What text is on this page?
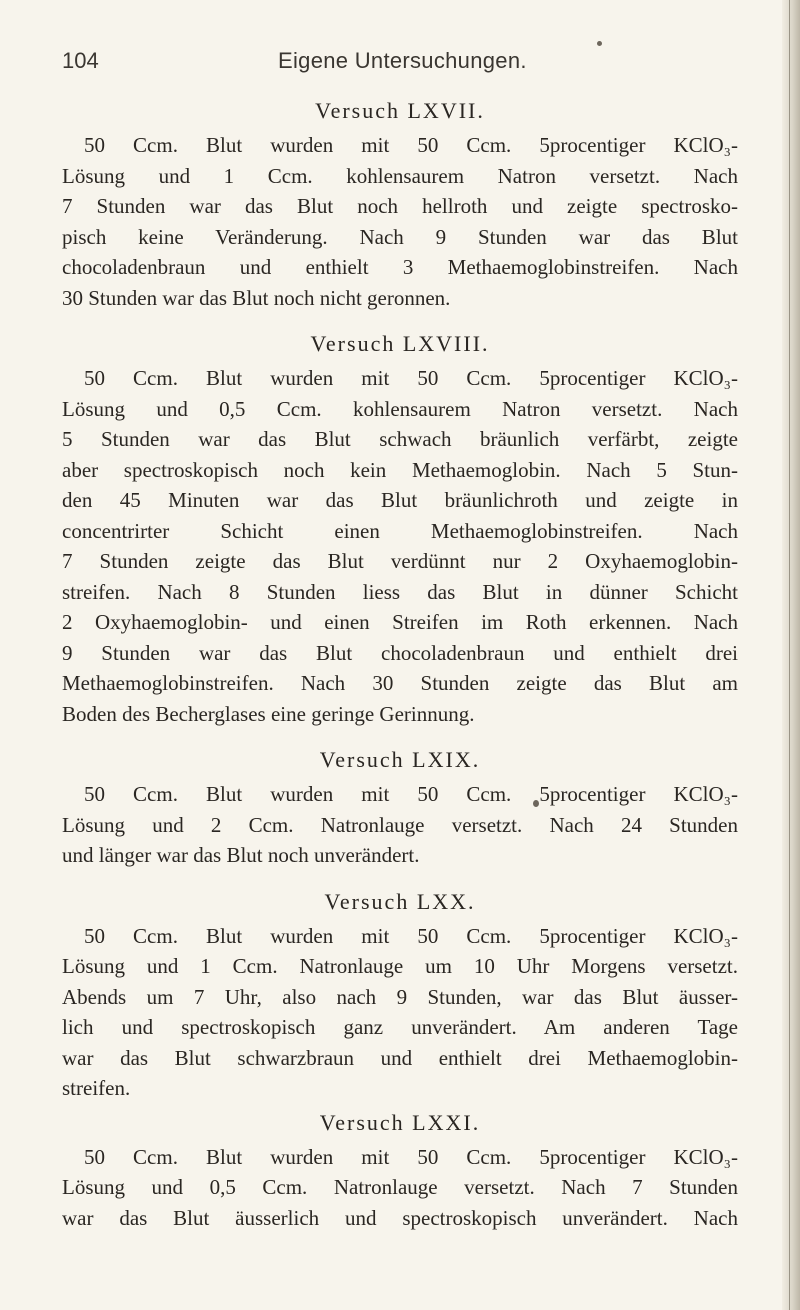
104	Eigene Untersuchungen.
Versuch LXVII.
50 Ccm. Blut wurden mit 50 Ccm. 5procentiger KClO₃-
Lösung und 1 Ccm. kohlensaurem Natron versetzt. Nach
7 Stunden war das Blut noch hellroth und zeigte spectrosko-
pisch keine Veränderung. Nach 9 Stunden war das Blut
chocoladenbraun und enthielt 3 Methaemoglobinstreifen. Nach
30 Stunden war das Blut noch nicht geronnen.
Versuch LXVIII.
50 Ccm. Blut wurden mit 50 Ccm. 5procentiger KClO₃-
Lösung und 0,5 Ccm. kohlensaurem Natron versetzt. Nach
5 Stunden war das Blut schwach bräunlich verfärbt, zeigte
aber spectroskopisch noch kein Methaemoglobin. Nach 5 Stun-
den 45 Minuten war das Blut bräunlichroth und zeigte in
concentrirter Schicht einen Methaemoglobinstreifen. Nach
7 Stunden zeigte das Blut verdünnt nur 2 Oxyhaemoglobin-
streifen. Nach 8 Stunden liess das Blut in dünner Schicht
2 Oxyhaemoglobin- und einen Streifen im Roth erkennen. Nach
9 Stunden war das Blut chocoladenbraun und enthielt drei
Methaemoglobinstreifen. Nach 30 Stunden zeigte das Blut am
Boden des Becherglases eine geringe Gerinnung.
Versuch LXIX.
50 Ccm. Blut wurden mit 50 Ccm. 5procentiger KClO₃-
Lösung und 2 Ccm. Natronlauge versetzt. Nach 24 Stunden
und länger war das Blut noch unverändert.
Versuch LXX.
50 Ccm. Blut wurden mit 50 Ccm. 5procentiger KClO₃-
Lösung und 1 Ccm. Natronlauge um 10 Uhr Morgens versetzt.
Abends um 7 Uhr, also nach 9 Stunden, war das Blut äusser-
lich und spectroskopisch ganz unverändert. Am anderen Tage
war das Blut schwarzbraun und enthielt drei Methaemoglobin-
streifen.
Versuch LXXI.
50 Ccm. Blut wurden mit 50 Ccm. 5procentiger KClO₃-
Lösung und 0,5 Ccm. Natronlauge versetzt. Nach 7 Stunden
war das Blut äusserlich und spectroskopisch unverändert. Nach
